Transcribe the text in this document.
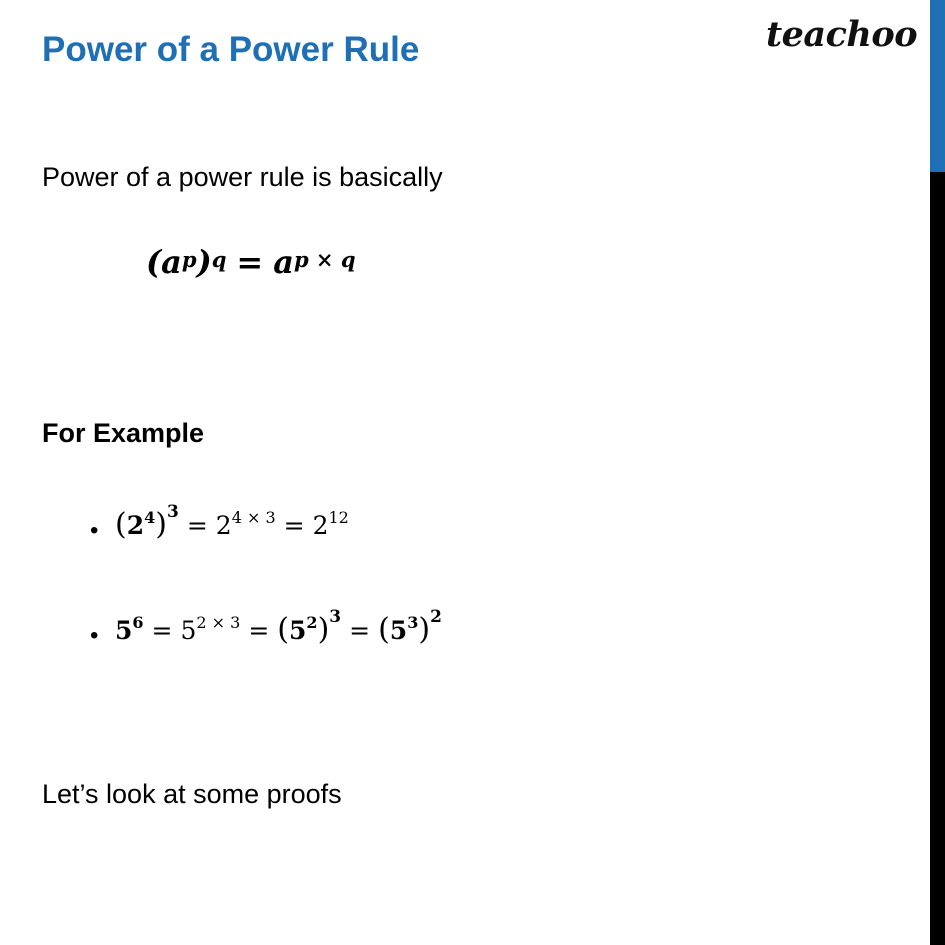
Power of a Power Rule	teachoo
Power of a power rule is basically
$(a^p)^q = a^{p \times q}$
For Example
• $(2^4)^3 = 2^{4 \times 3} = 2^{12}$
• $5^6 = 5^{2 \times 3} = (5^2)^3 = (5^3)^2$
Let’s look at some proofs
